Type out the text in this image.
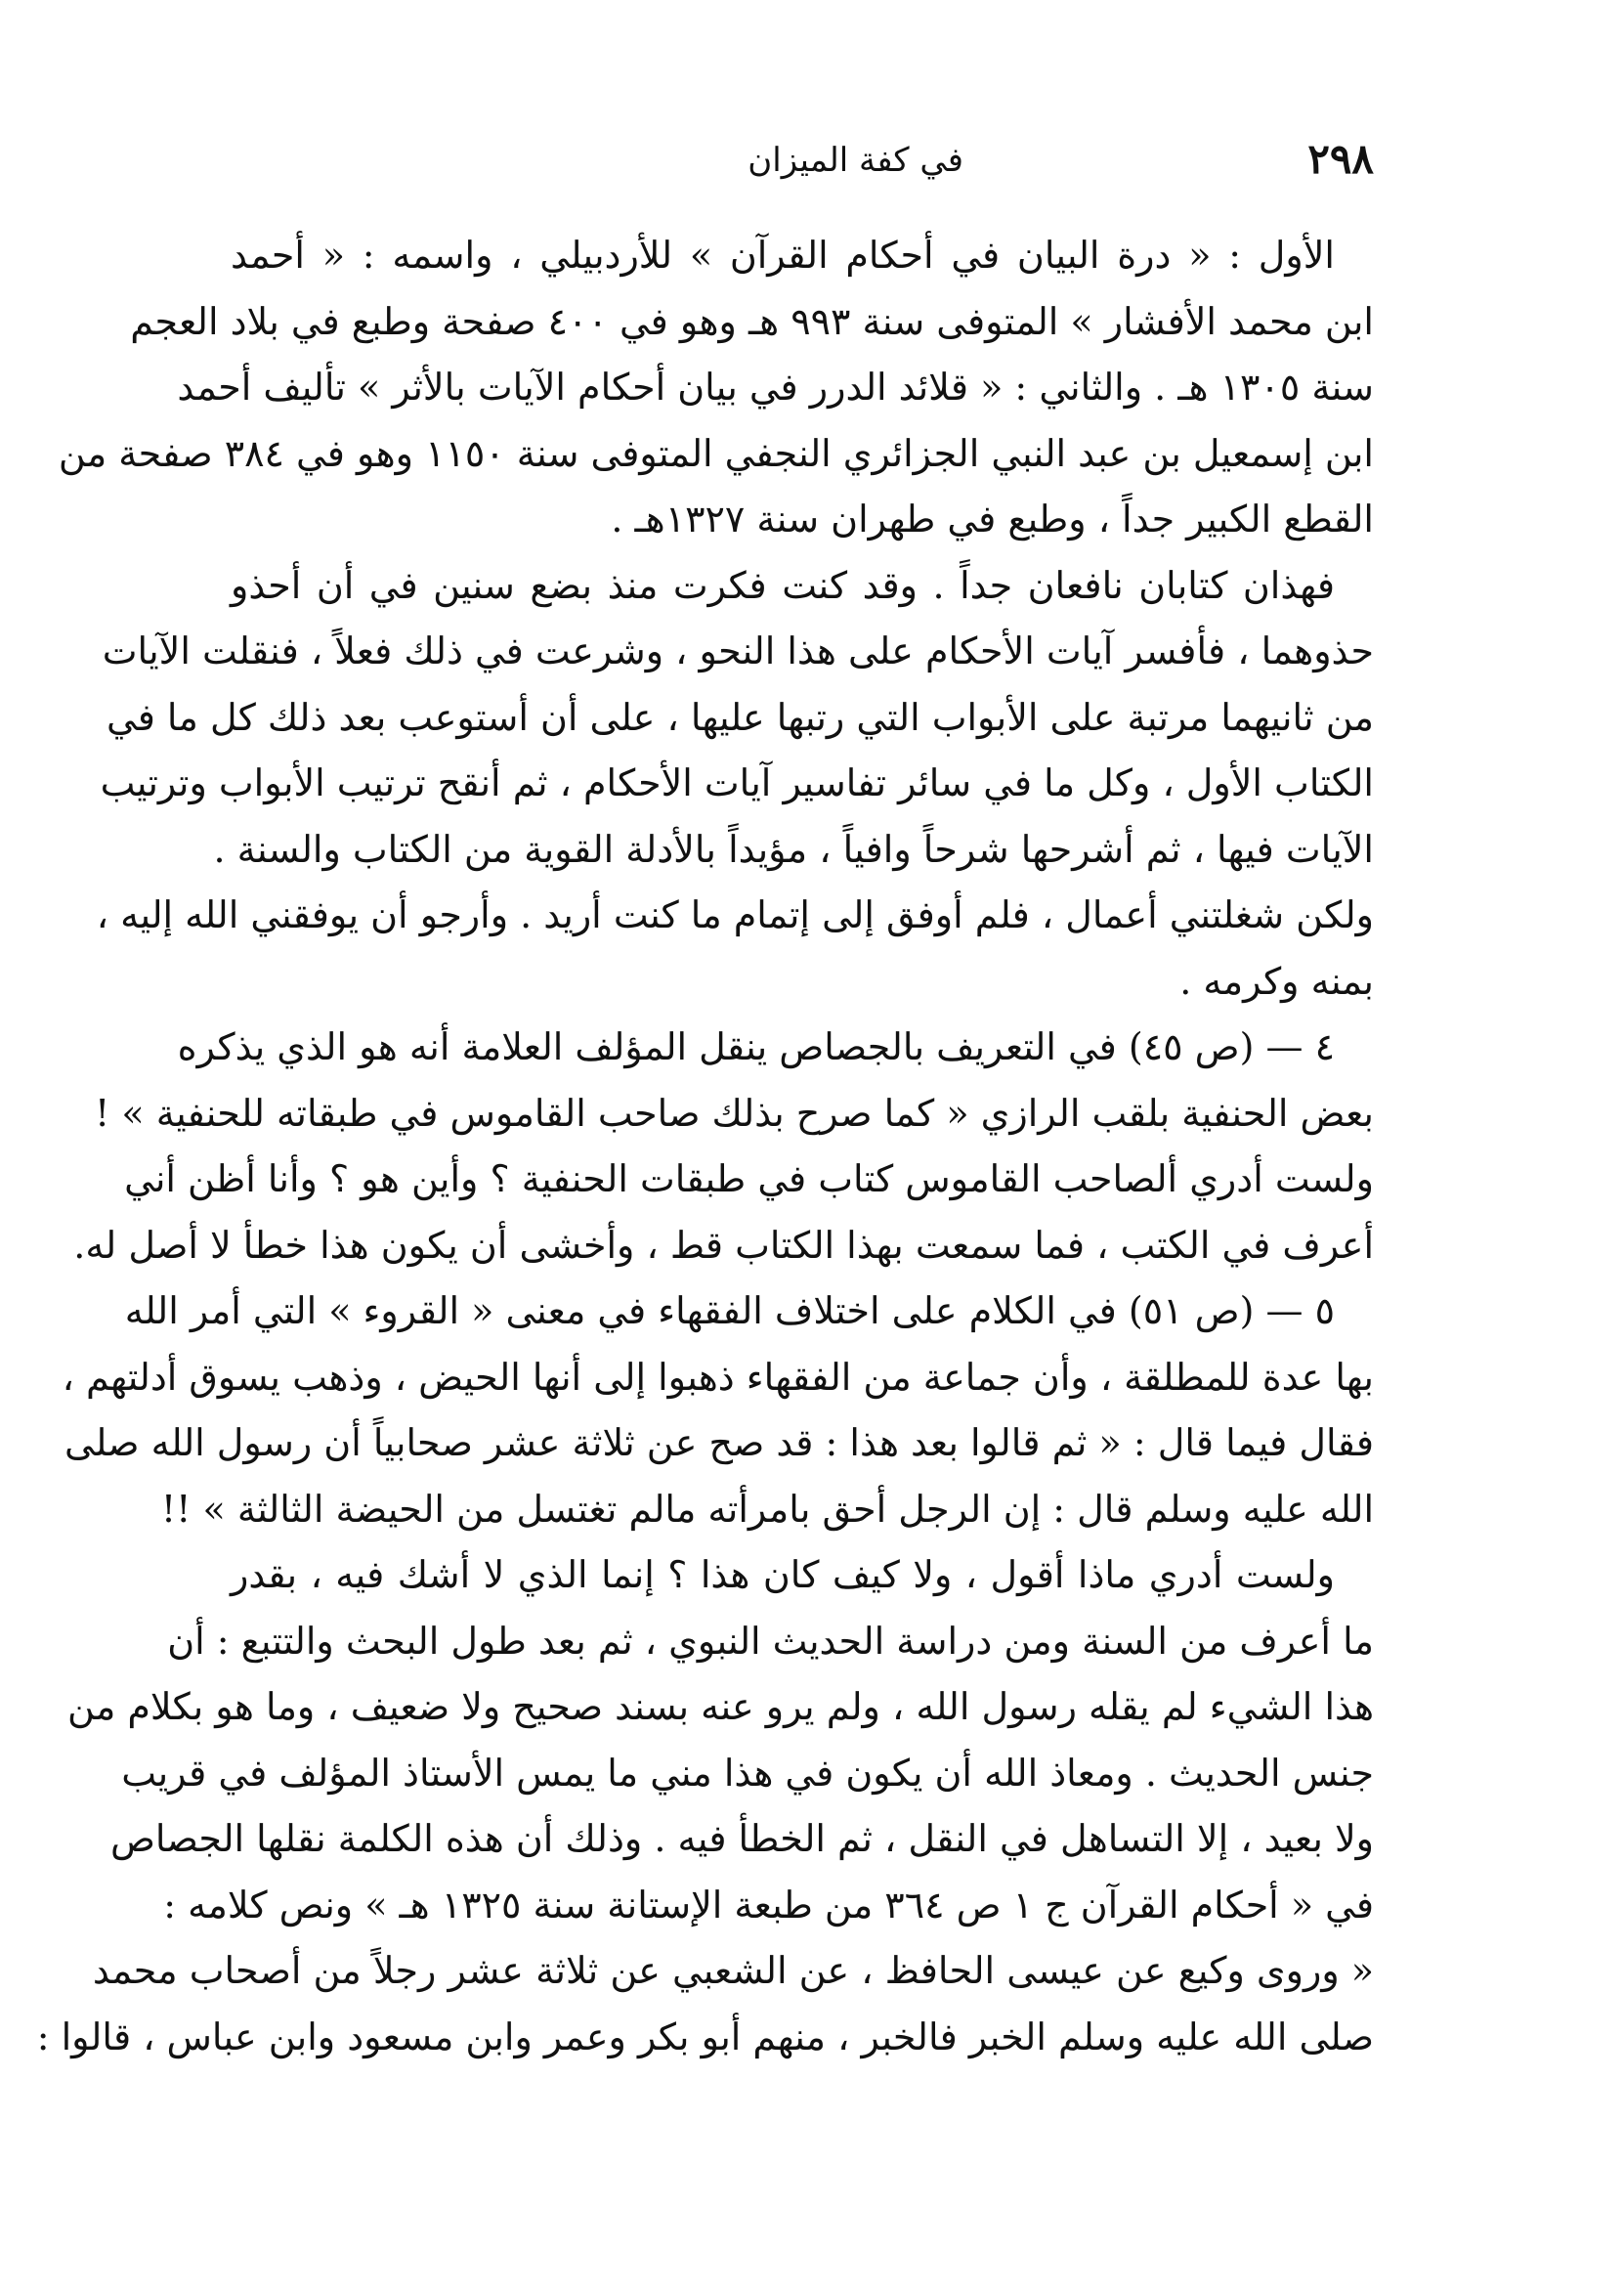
٢٩٨
في كفة الميزان
الأول : « درة البيان في أحكام القرآن » للأردبيلي ، واسمه : « أحمد
ابن محمد الأفشار » المتوفى سنة ٩٩٣ هـ وهو في ٤٠٠ صفحة وطبع في بلاد العجم
سنة ١٣٠٥ هـ . والثاني : « قلائد الدرر في بيان أحكام الآيات بالأثر » تأليف أحمد
ابن إسمعيل بن عبد النبي الجزائري النجفي المتوفى سنة ١١٥٠ وهو في ٣٨٤ صفحة من
القطع الكبير جداً ، وطبع في طهران سنة ١٣٢٧هـ .
فهذان كتابان نافعان جداً . وقد كنت فكرت منذ بضع سنين في أن أحذو
حذوهما ، فأفسر آيات الأحكام على هذا النحو ، وشرعت في ذلك فعلاً ، فنقلت الآيات
من ثانيهما مرتبة على الأبواب التي رتبها عليها ، على أن أستوعب بعد ذلك كل ما في
الكتاب الأول ، وكل ما في سائر تفاسير آيات الأحكام ، ثم أنقح ترتيب الأبواب وترتيب
الآيات فيها ، ثم أشرحها شرحاً وافياً ، مؤيداً بالأدلة القوية من الكتاب والسنة .
ولكن شغلتني أعمال ، فلم أوفق إلى إتمام ما كنت أريد . وأرجو أن يوفقني الله إليه ،
بمنه وكرمه .
٤ — (ص ٤٥) في التعريف بالجصاص ينقل المؤلف العلامة أنه هو الذي يذكره
بعض الحنفية بلقب الرازي « كما صرح بذلك صاحب القاموس في طبقاته للحنفية » !
ولست أدري ألصاحب القاموس كتاب في طبقات الحنفية ؟ وأين هو ؟ وأنا أظن أني
أعرف في الكتب ، فما سمعت بهذا الكتاب قط ، وأخشى أن يكون هذا خطأ لا أصل له.
٥ — (ص ٥١) في الكلام على اختلاف الفقهاء في معنى « القروء » التي أمر الله
بها عدة للمطلقة ، وأن جماعة من الفقهاء ذهبوا إلى أنها الحيض ، وذهب يسوق أدلتهم ،
فقال فيما قال : « ثم قالوا بعد هذا : قد صح عن ثلاثة عشر صحابياً أن رسول الله صلى
الله عليه وسلم قال : إن الرجل أحق بامرأته مالم تغتسل من الحيضة الثالثة » !!
ولست أدري ماذا أقول ، ولا كيف كان هذا ؟ إنما الذي لا أشك فيه ، بقدر
ما أعرف من السنة ومن دراسة الحديث النبوي ، ثم بعد طول البحث والتتبع : أن
هذا الشيء لم يقله رسول الله ، ولم يرو عنه بسند صحيح ولا ضعيف ، وما هو بكلام من
جنس الحديث . ومعاذ الله أن يكون في هذا مني ما يمس الأستاذ المؤلف في قريب
ولا بعيد ، إلا التساهل في النقل ، ثم الخطأ فيه . وذلك أن هذه الكلمة نقلها الجصاص
في « أحكام القرآن ج ١ ص ٣٦٤ من طبعة الإستانة سنة ١٣٢٥ هـ » ونص كلامه :
« وروى وكيع عن عيسى الحافظ ، عن الشعبي عن ثلاثة عشر رجلاً من أصحاب محمد
صلى الله عليه وسلم الخبر فالخبر ، منهم أبو بكر وعمر وابن مسعود وابن عباس ، قالوا :
